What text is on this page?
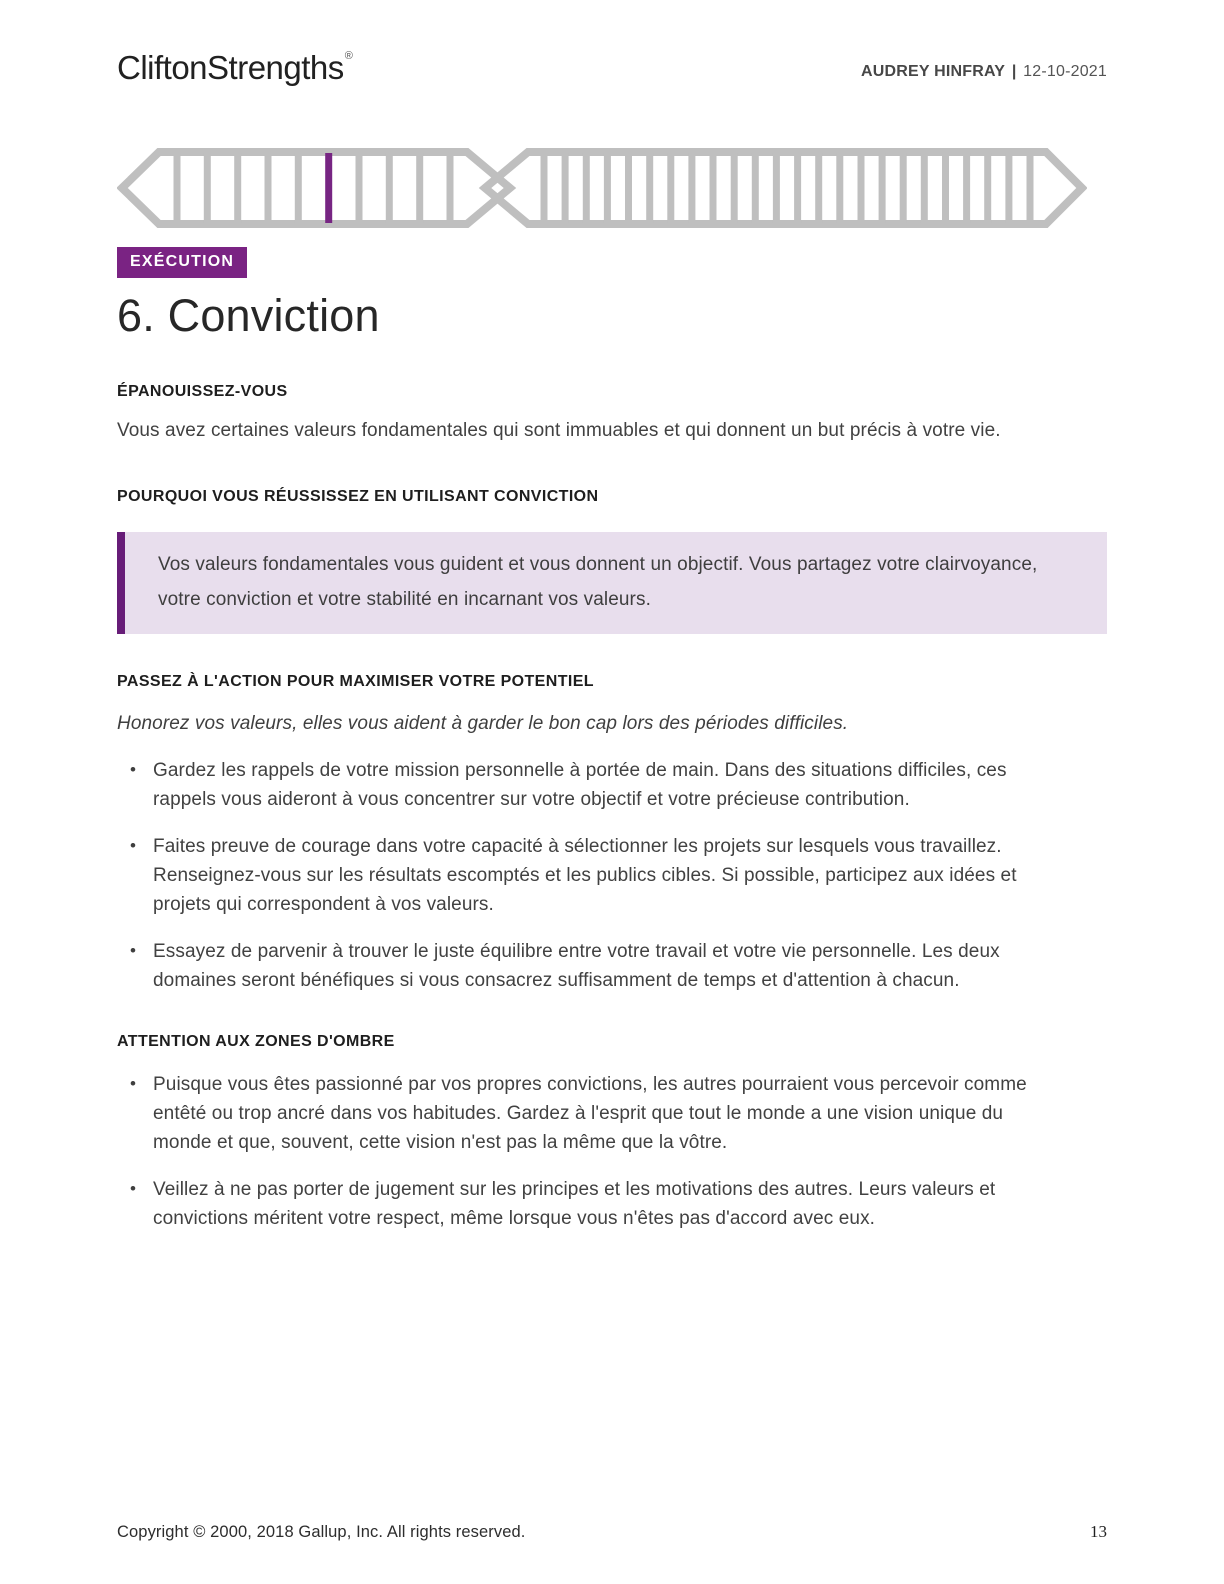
CliftonStrengths®
AUDREY HINFRAY | 12-10-2021
EXÉCUTION
6. Conviction
ÉPANOUISSEZ-VOUS

Vous avez certaines valeurs fondamentales qui sont immuables et qui donnent un but précis à votre vie.

POURQUOI VOUS RÉUSSISSEZ EN UTILISANT CONVICTION
Vos valeurs fondamentales vous guident et vous donnent un objectif. Vous partagez votre clairvoyance, votre conviction et votre stabilité en incarnant vos valeurs.
PASSEZ À L'ACTION POUR MAXIMISER VOTRE POTENTIEL

Honorez vos valeurs, elles vous aident à garder le bon cap lors des périodes difficiles.

• Gardez les rappels de votre mission personnelle à portée de main. Dans des situations difficiles, ces rappels vous aideront à vous concentrer sur votre objectif et votre précieuse contribution.
• Faites preuve de courage dans votre capacité à sélectionner les projets sur lesquels vous travaillez. Renseignez-vous sur les résultats escomptés et les publics cibles. Si possible, participez aux idées et projets qui correspondent à vos valeurs.
• Essayez de parvenir à trouver le juste équilibre entre votre travail et votre vie personnelle. Les deux domaines seront bénéfiques si vous consacrez suffisamment de temps et d'attention à chacun.
ATTENTION AUX ZONES D'OMBRE
• Puisque vous êtes passionné par vos propres convictions, les autres pourraient vous percevoir comme entêté ou trop ancré dans vos habitudes. Gardez à l'esprit que tout le monde a une vision unique du monde et que, souvent, cette vision n'est pas la même que la vôtre.
• Veillez à ne pas porter de jugement sur les principes et les motivations des autres. Leurs valeurs et convictions méritent votre respect, même lorsque vous n'êtes pas d'accord avec eux.
Copyright © 2000, 2018 Gallup, Inc. All rights reserved.	13
